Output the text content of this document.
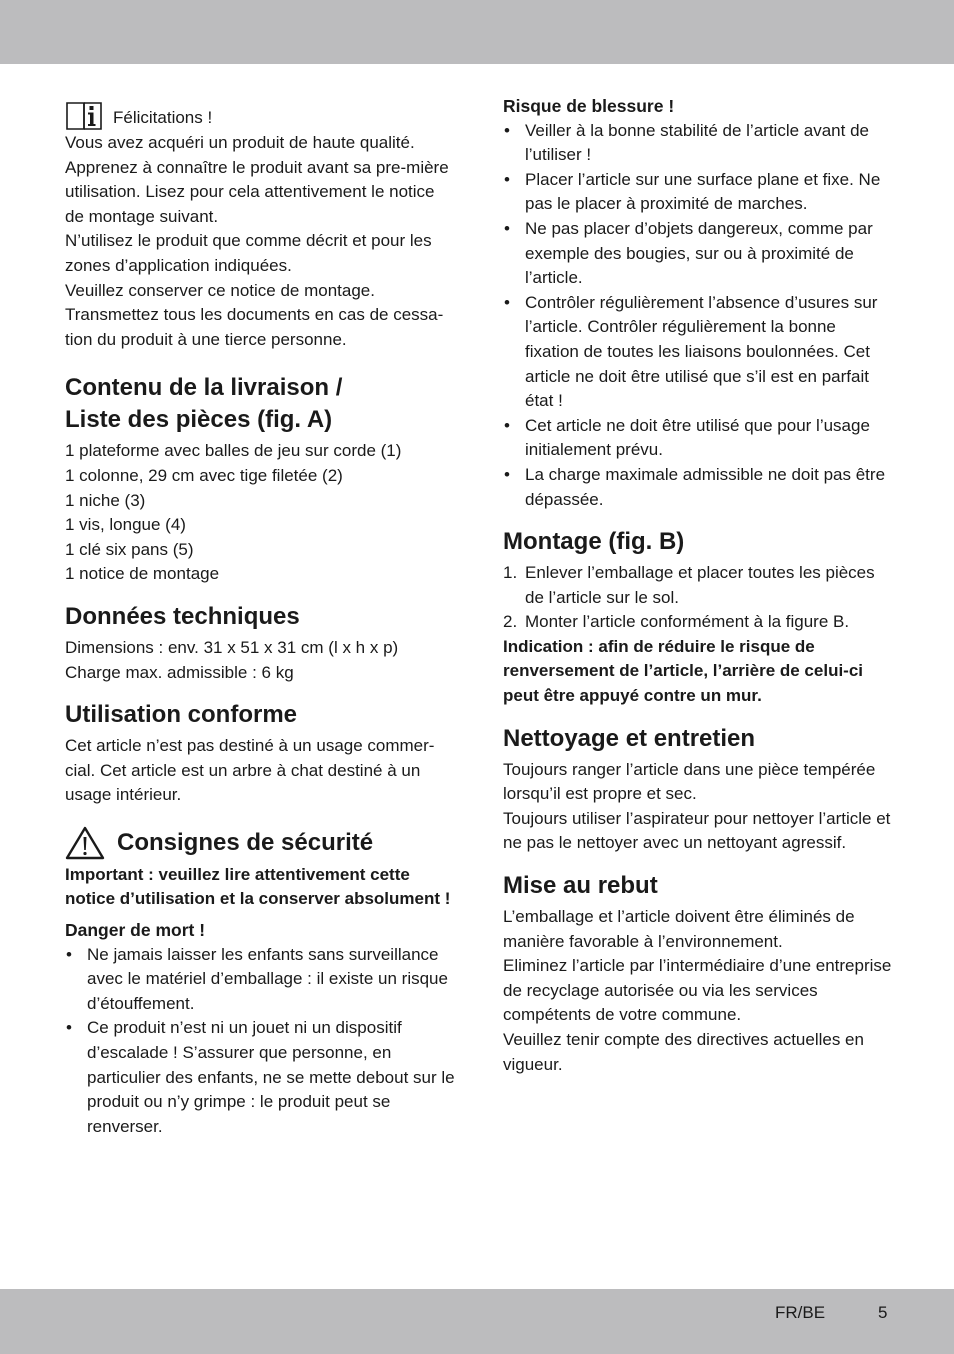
Félicitations !

Vous avez acquéri un produit de haute qualité. Apprenez à connaître le produit avant sa pre-mière utilisation. Lisez pour cela attentivement le notice de montage suivant.

N’utilisez le produit que comme décrit et pour les zones d’application indiquées.

Veuillez conserver ce notice de montage. Transmettez tous les documents en cas de cessa-tion du produit à une tierce personne.

Contenu de la livraison /
Liste des pièces (fig. A)

1 plateforme avec balles de jeu sur corde (1)

1 colonne, 29 cm avec tige filetée (2)

1 niche (3)

1 vis, longue (4)

1 clé six pans (5)

1 notice de montage

Données techniques

Dimensions : env. 31 x 51 x 31 cm (l x h x p)

Charge max. admissible : 6 kg

Utilisation conforme

Cet article n’est pas destiné à un usage commer-cial. Cet article est un arbre à chat destiné à un usage intérieur.

Consignes de sécurité

Important : veuillez lire attentivement cette notice d’utilisation et la conserver absolument !

Danger de mort !
• Ne jamais laisser les enfants sans surveillance avec le matériel d’emballage : il existe un risque d’étouffement.
• Ce produit n’est ni un jouet ni un dispositif d’escalade ! S’assurer que personne, en particulier des enfants, ne se mette debout sur le produit ou n’y grimpe : le produit peut se renverser.
Risque de blessure !
• Veiller à la bonne stabilité de l’article avant de l’utiliser !
• Placer l’article sur une surface plane et fixe. Ne pas le placer à proximité de marches.
• Ne pas placer d’objets dangereux, comme par exemple des bougies, sur ou à proximité de l’article.
• Contrôler régulièrement l’absence d’usures sur l’article. Contrôler régulièrement la bonne fixation de toutes les liaisons boulonnées. Cet article ne doit être utilisé que s’il est en parfait état !
• Cet article ne doit être utilisé que pour l’usage initialement prévu.
• La charge maximale admissible ne doit pas être dépassée.
Montage (fig. B)
1. Enlever l’emballage et placer toutes les pièces de l’article sur le sol.
2. Monter l’article conformément à la figure B.

Indication : afin de réduire le risque de renversement de l’article, l’arrière de celui-ci peut être appuyé contre un mur.

Nettoyage et entretien

Toujours ranger l’article dans une pièce tempérée lorsqu’il est propre et sec.

Toujours utiliser l’aspirateur pour nettoyer l’article et ne pas le nettoyer avec un nettoyant agressif.

Mise au rebut

L’emballage et l’article doivent être éliminés de manière favorable à l’environnement.

Eliminez l’article par l’intermédiaire d’une entreprise de recyclage autorisée ou via les services compétents de votre commune.

Veuillez tenir compte des directives actuelles en vigueur.

FR/BE	5
